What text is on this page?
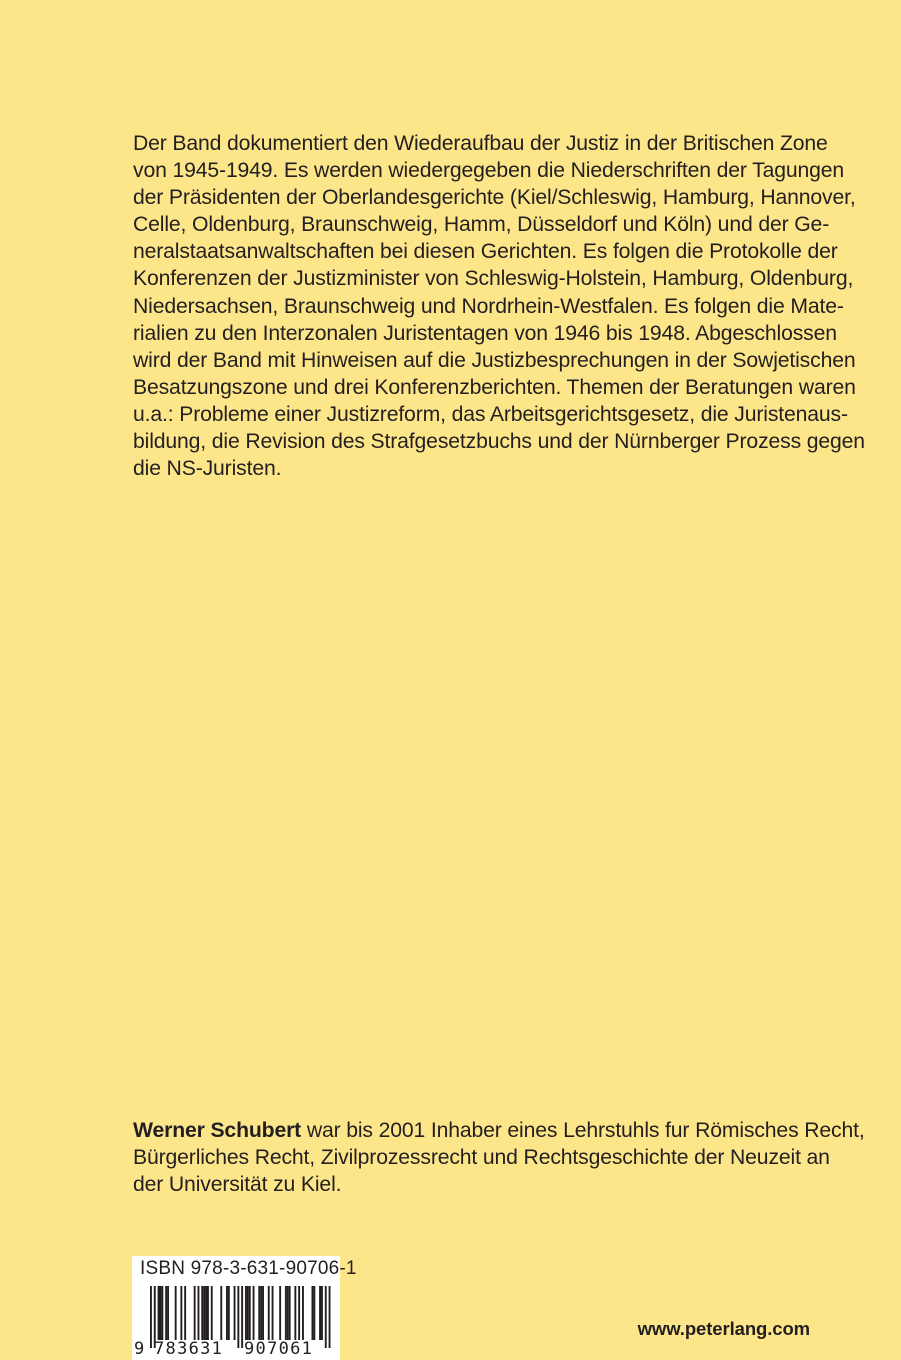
Der Band dokumentiert den Wiederaufbau der Justiz in der Britischen Zone
von 1945-1949. Es werden wiedergegeben die Niederschriften der Tagungen
der Präsidenten der Oberlandesgerichte (Kiel/Schleswig, Hamburg, Hannover,
Celle, Oldenburg, Braunschweig, Hamm, Düsseldorf und Köln) und der Ge-
neralstaatsanwaltschaften bei diesen Gerichten. Es folgen die Protokolle der
Konferenzen der Justizminister von Schleswig-Holstein, Hamburg, Oldenburg,
Niedersachsen, Braunschweig und Nordrhein-Westfalen. Es folgen die Mate-
rialien zu den Interzonalen Juristentagen von 1946 bis 1948. Abgeschlossen
wird der Band mit Hinweisen auf die Justizbesprechungen in der Sowjetischen
Besatzungszone und drei Konferenzberichten. Themen der Beratungen waren
u.a.: Probleme einer Justizreform, das Arbeitsgerichtsgesetz, die Juristenaus-
bildung, die Revision des Strafgesetzbuchs und der Nürnberger Prozess gegen
die NS-Juristen.
Werner Schubert war bis 2001 Inhaber eines Lehrstuhls fur Römisches Recht,
Bürgerliches Recht, Zivilprozessrecht und Rechtsgeschichte der Neuzeit an
der Universität zu Kiel.
ISBN 978-3-631-90706-1
9 783631 907061
www.peterlang.com
